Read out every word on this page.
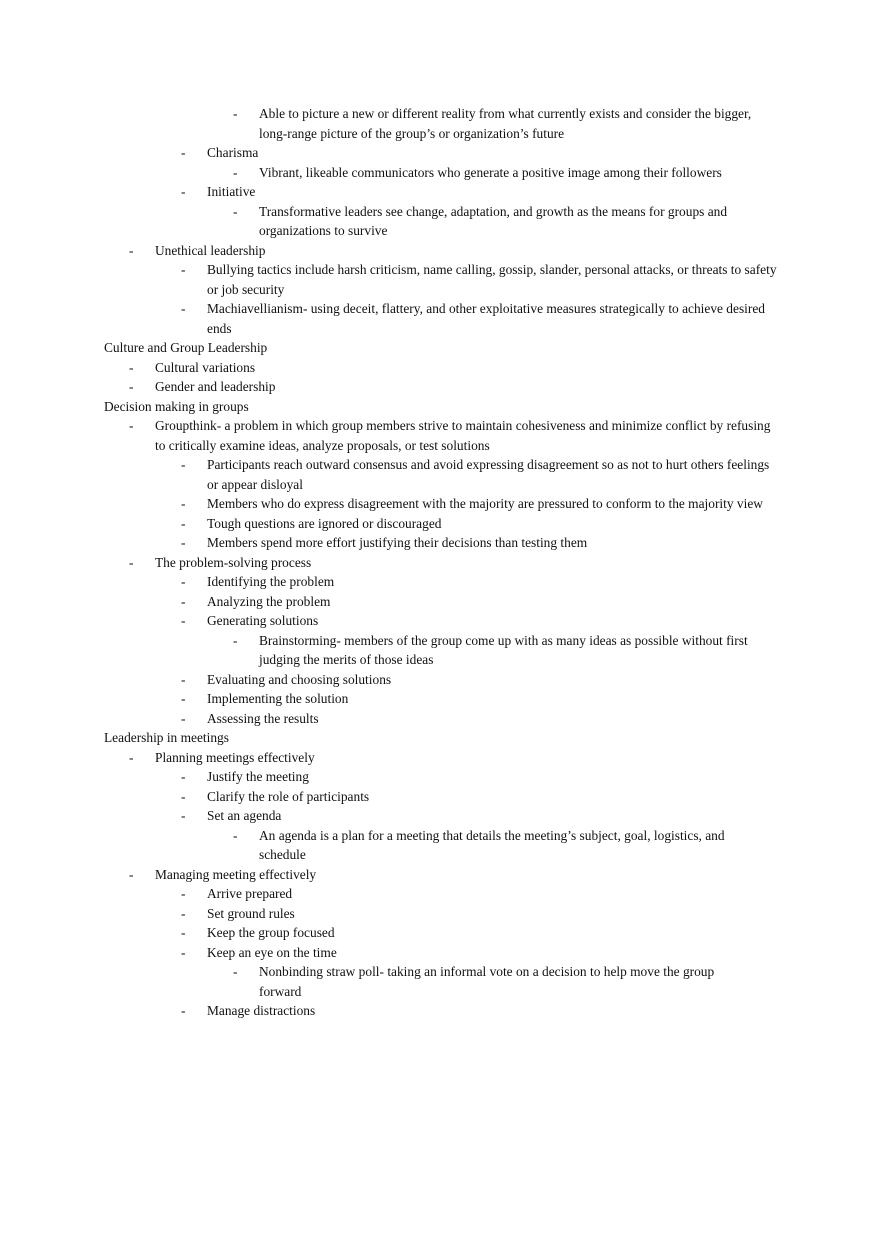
- Able to picture a new or different reality from what currently exists and consider the bigger, long-range picture of the group’s or organization’s future
- Charisma
- Vibrant, likeable communicators who generate a positive image among their followers
- Initiative
- Transformative leaders see change, adaptation, and growth as the means for groups and organizations to survive
- Unethical leadership
- Bullying tactics include harsh criticism, name calling, gossip, slander, personal attacks, or threats to safety or job security
- Machiavellianism- using deceit, flattery, and other exploitative measures strategically to achieve desired ends
Culture and Group Leadership
- Cultural variations
- Gender and leadership
Decision making in groups
- Groupthink- a problem in which group members strive to maintain cohesiveness and minimize conflict by refusing to critically examine ideas, analyze proposals, or test solutions
- Participants reach outward consensus and avoid expressing disagreement so as not to hurt others feelings or appear disloyal
- Members who do express disagreement with the majority are pressured to conform to the majority view
- Tough questions are ignored or discouraged
- Members spend more effort justifying their decisions than testing them
- The problem-solving process
- Identifying the problem
- Analyzing the problem
- Generating solutions
- Brainstorming- members of the group come up with as many ideas as possible without first judging the merits of those ideas
- Evaluating and choosing solutions
- Implementing the solution
- Assessing the results
Leadership in meetings
- Planning meetings effectively
- Justify the meeting
- Clarify the role of participants
- Set an agenda
- An agenda is a plan for a meeting that details the meeting’s subject, goal, logistics, and schedule
- Managing meeting effectively
- Arrive prepared
- Set ground rules
- Keep the group focused
- Keep an eye on the time
- Nonbinding straw poll- taking an informal vote on a decision to help move the group forward
- Manage distractions
